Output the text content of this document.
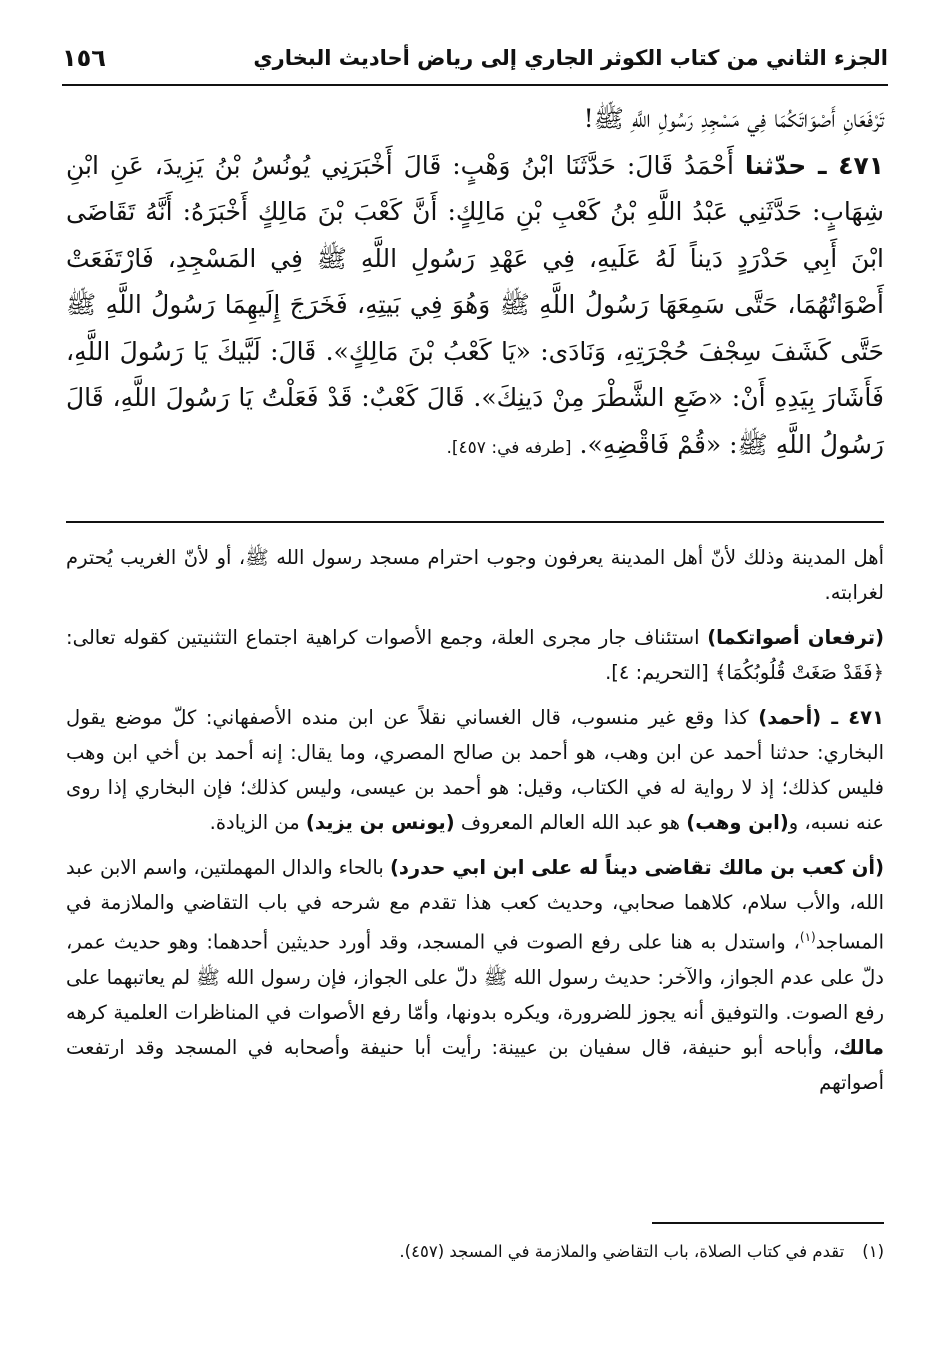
الجزء الثاني من كتاب الكوثر الجاري إلى رياض أحاديث البخاري
١٥٦

تَرْفَعَانِ أَصْوَاتَكُمَا فِي مَسْجِدِ رَسُولِ اللَّهِ ﷺ!

٤٧١ ـ حدّثنا أَحْمَدُ قَالَ: حَدَّثَنَا ابْنُ وَهْبٍ: قَالَ أَخْبَرَنِي يُونُسُ بْنُ يَزِيدَ، عَنِ ابْنِ شِهَابٍ: حَدَّثَنِي عَبْدُ اللَّهِ بْنُ كَعْبِ بْنِ مَالِكٍ: أَنَّ كَعْبَ بْنَ مَالِكٍ أَخْبَرَهُ: أَنَّهُ تَقَاضَى ابْنَ أَبِي حَدْرَدٍ دَيناً لَهُ عَلَيهِ، فِي عَهْدِ رَسُولِ اللَّهِ ﷺ فِي المَسْجِدِ، فَارْتَفَعَتْ أَصْوَاتُهُمَا، حَتَّى سَمِعَهَا رَسُولُ اللَّهِ ﷺ وَهُوَ فِي بَيتِهِ، فَخَرَجَ إِلَيهِمَا رَسُولُ اللَّهِ ﷺ حَتَّى كَشَفَ سِجْفَ حُجْرَتِهِ، وَنَادَى: «يَا كَعْبُ بْنَ مَالِكٍ». قَالَ: لَبَّيكَ يَا رَسُولَ اللَّهِ، فَأَشَارَ بِيَدِهِ أَنْ: «ضَعِ الشَّطْرَ مِنْ دَينِكَ». قَالَ كَعْبٌ: قَدْ فَعَلْتُ يَا رَسُولَ اللَّهِ، قَالَ رَسُولُ اللَّهِ ﷺ: «قُمْ فَاقْضِهِ». [طرفه في: ٤٥٧].

أهل المدينة وذلك لأنّ أهل المدينة يعرفون وجوب احترام مسجد رسول الله ﷺ، أو لأنّ الغريب يُحترم لغرابته.

(ترفعان أصواتكما) استئناف جار مجرى العلة، وجمع الأصوات كراهية اجتماع التثنيتين كقوله تعالى: ﴿فَقَدْ صَغَتْ قُلُوبُكُمَا﴾ [التحريم: ٤].

٤٧١ ـ (أحمد) كذا وقع غير منسوب، قال الغساني نقلاً عن ابن منده الأصفهاني: كلّ موضع يقول البخاري: حدثنا أحمد عن ابن وهب، هو أحمد بن صالح المصري، وما يقال: إنه أحمد بن أخي ابن وهب فليس كذلك؛ إذ لا رواية له في الكتاب، وقيل: هو أحمد بن عيسى، وليس كذلك؛ فإن البخاري إذا روى عنه نسبه، و(ابن وهب) هو عبد الله العالم المعروف (يونس بن يزيد) من الزيادة.

(أن كعب بن مالك تقاضى ديناً له على ابن ابي حدرد) بالحاء والدال المهملتين، واسم الابن عبد الله، والأب سلام، كلاهما صحابي، وحديث كعب هذا تقدم مع شرحه في باب التقاضي والملازمة في المساجد$^{(١)}$، واستدل به هنا على رفع الصوت في المسجد، وقد أورد حديثين أحدهما: وهو حديث عمر، دلّ على عدم الجواز، والآخر: حديث رسول الله ﷺ دلّ على الجواز، فإن رسول الله ﷺ لم يعاتبهما على رفع الصوت. والتوفيق أنه يجوز للضرورة، ويكره بدونها، وأمّا رفع الأصوات في المناظرات العلمية كرهه مالك، وأباحه أبو حنيفة، قال سفيان بن عيينة: رأيت أبا حنيفة وأصحابه في المسجد وقد ارتفعت أصواتهم

(١)تقدم في كتاب الصلاة، باب التقاضي والملازمة في المسجد (٤٥٧).
